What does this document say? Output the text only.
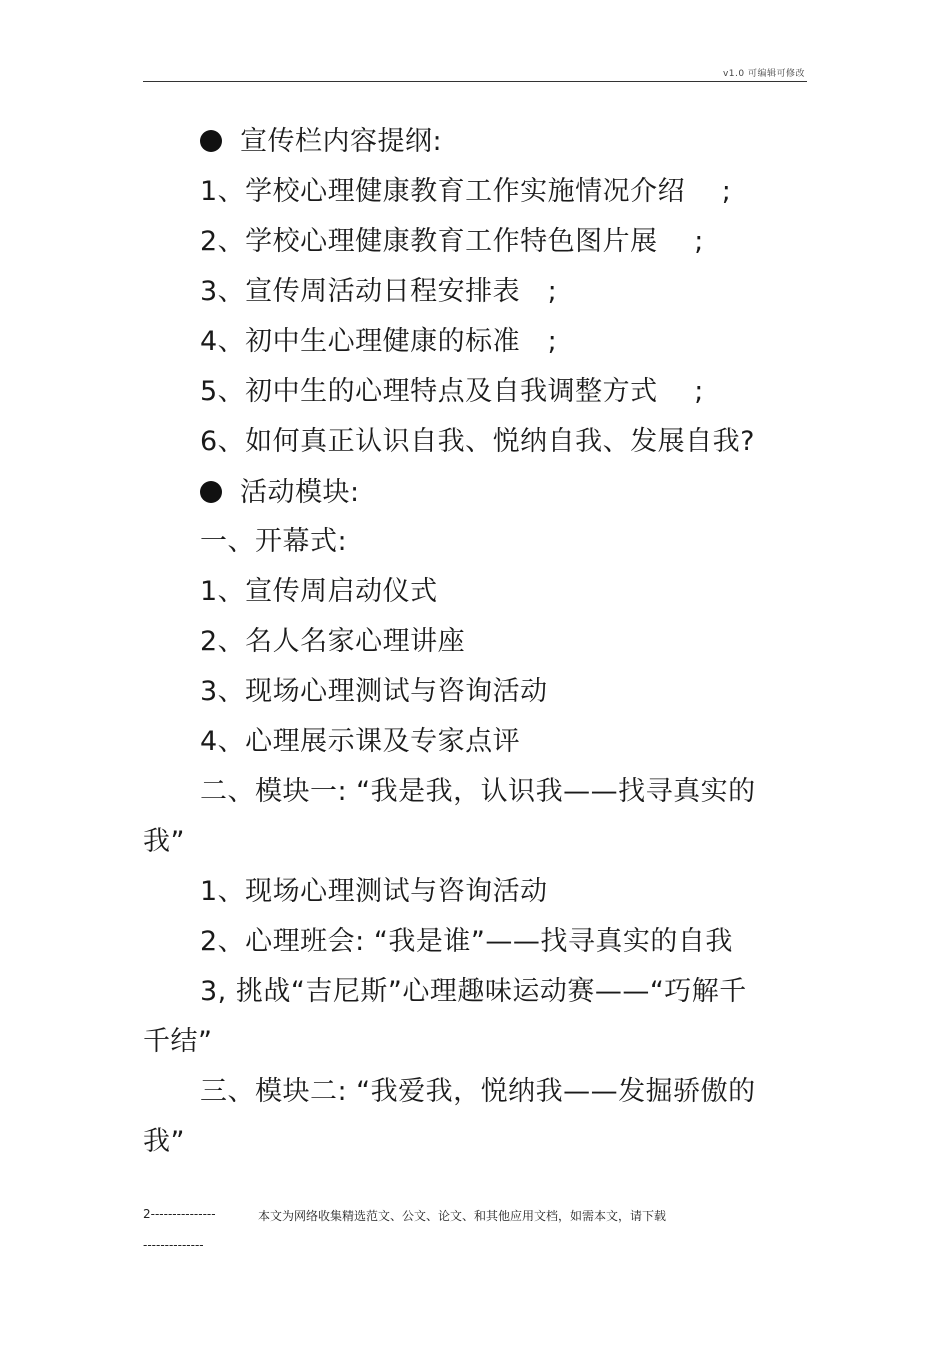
v1.0 可编辑可修改
宣传栏内容提纲:
1、学校心理健康教育工作实施情况介绍　 ;
2、学校心理健康教育工作特色图片展　 ;
3、宣传周活动日程安排表　;
4、初中生心理健康的标准　;
5、初中生的心理特点及自我调整方式　 ;
6、如何真正认识自我、悦纳自我、发展自我?
活动模块:
一、开幕式:
1、宣传周启动仪式
2、名人名家心理讲座
3、现场心理测试与咨询活动
4、心理展示课及专家点评
二、模块一: “我是我，认识我——找寻真实的
我”
1、现场心理测试与咨询活动
2、心理班会: “我是谁”——找寻真实的自我
3, 挑战“吉尼斯”心理趣味运动赛——“巧解千
千结”
三、模块二: “我爱我，悦纳我——发掘骄傲的
我”
2---------------	本文为网络收集精选范文、公文、论文、和其他应用文档，如需本文，请下载
--------------
